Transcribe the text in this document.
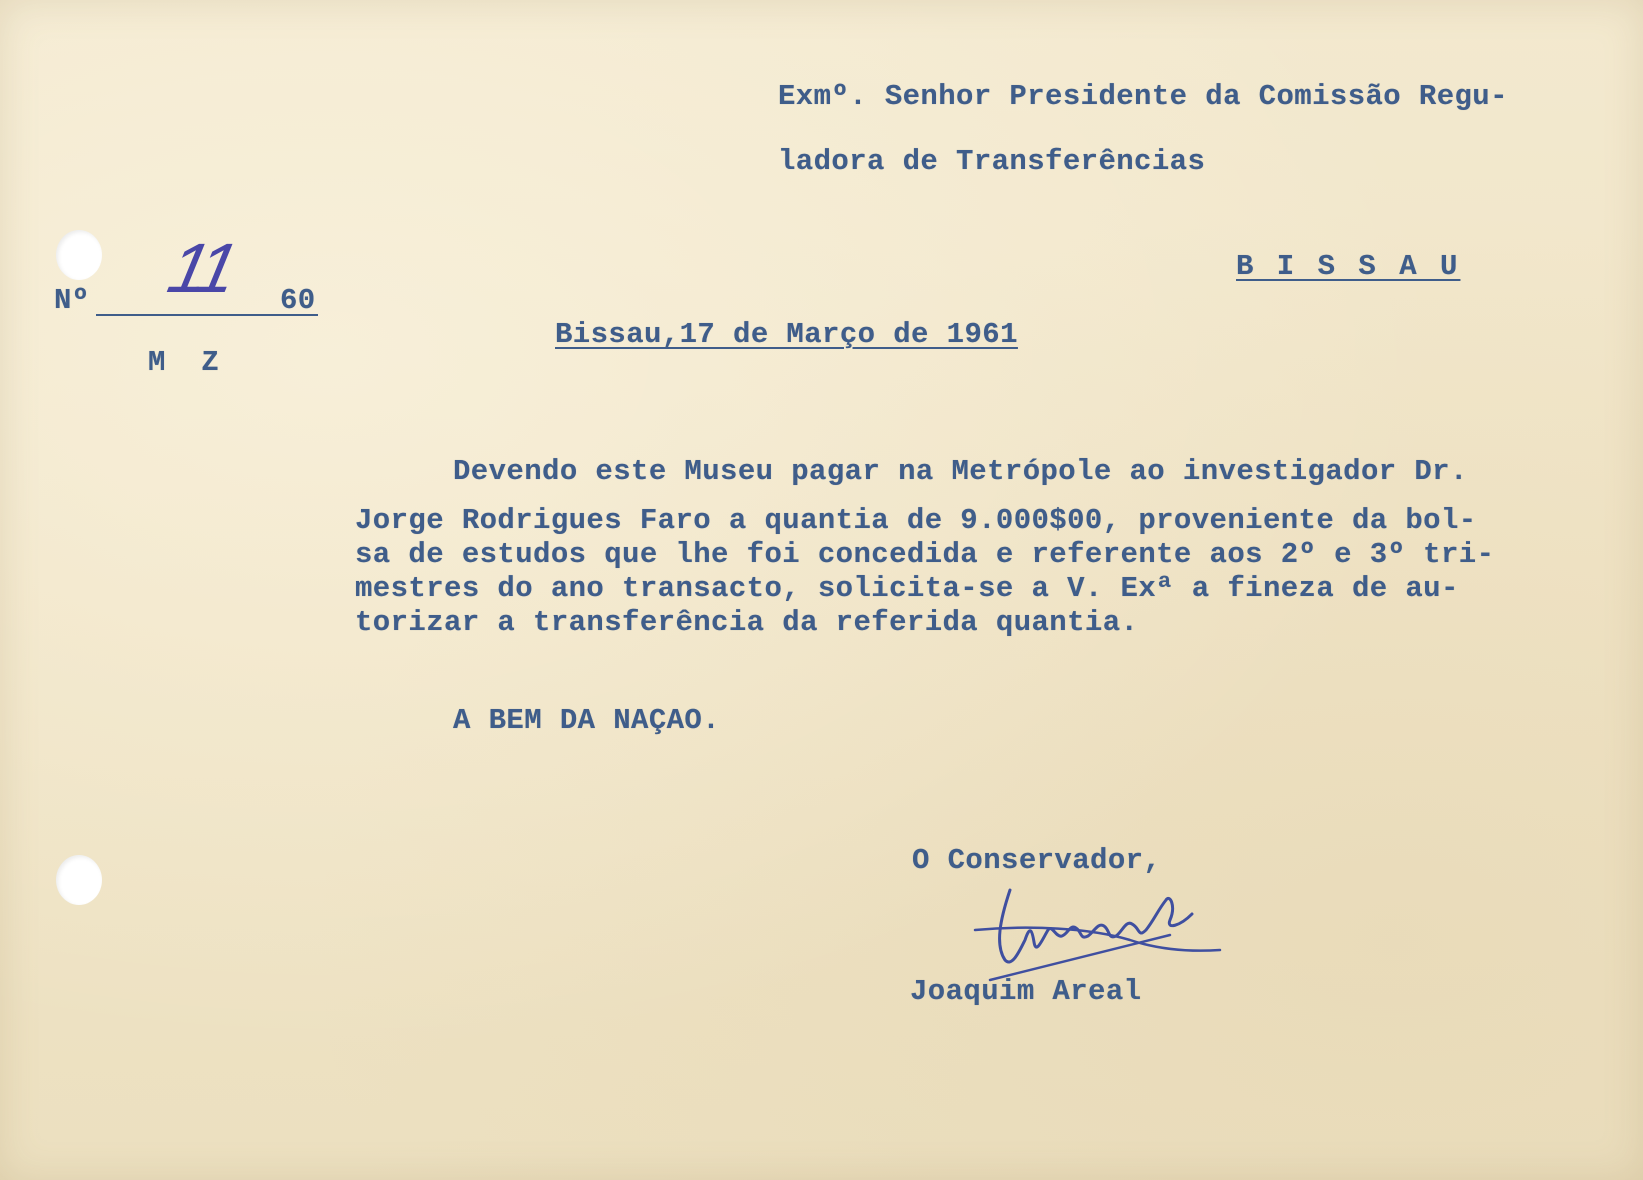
Exmº. Senhor Presidente da Comissão Regu-
ladora de Transferências
B I S S A U
Nº 11 60
M  Z
Bissau,17 de Março de 1961
Devendo este Museu pagar na Metrópole ao investigador Dr.
Jorge Rodrigues Faro a quantia de 9.000$00, proveniente da bol-
sa de estudos que lhe foi concedida e referente aos 2º e 3º tri-
mestres do ano transacto, solicita-se a V. Exª a fineza de au-
torizar a transferência da referida quantia.
A BEM DA NAÇAO.
O Conservador,
Joaquim Areal
